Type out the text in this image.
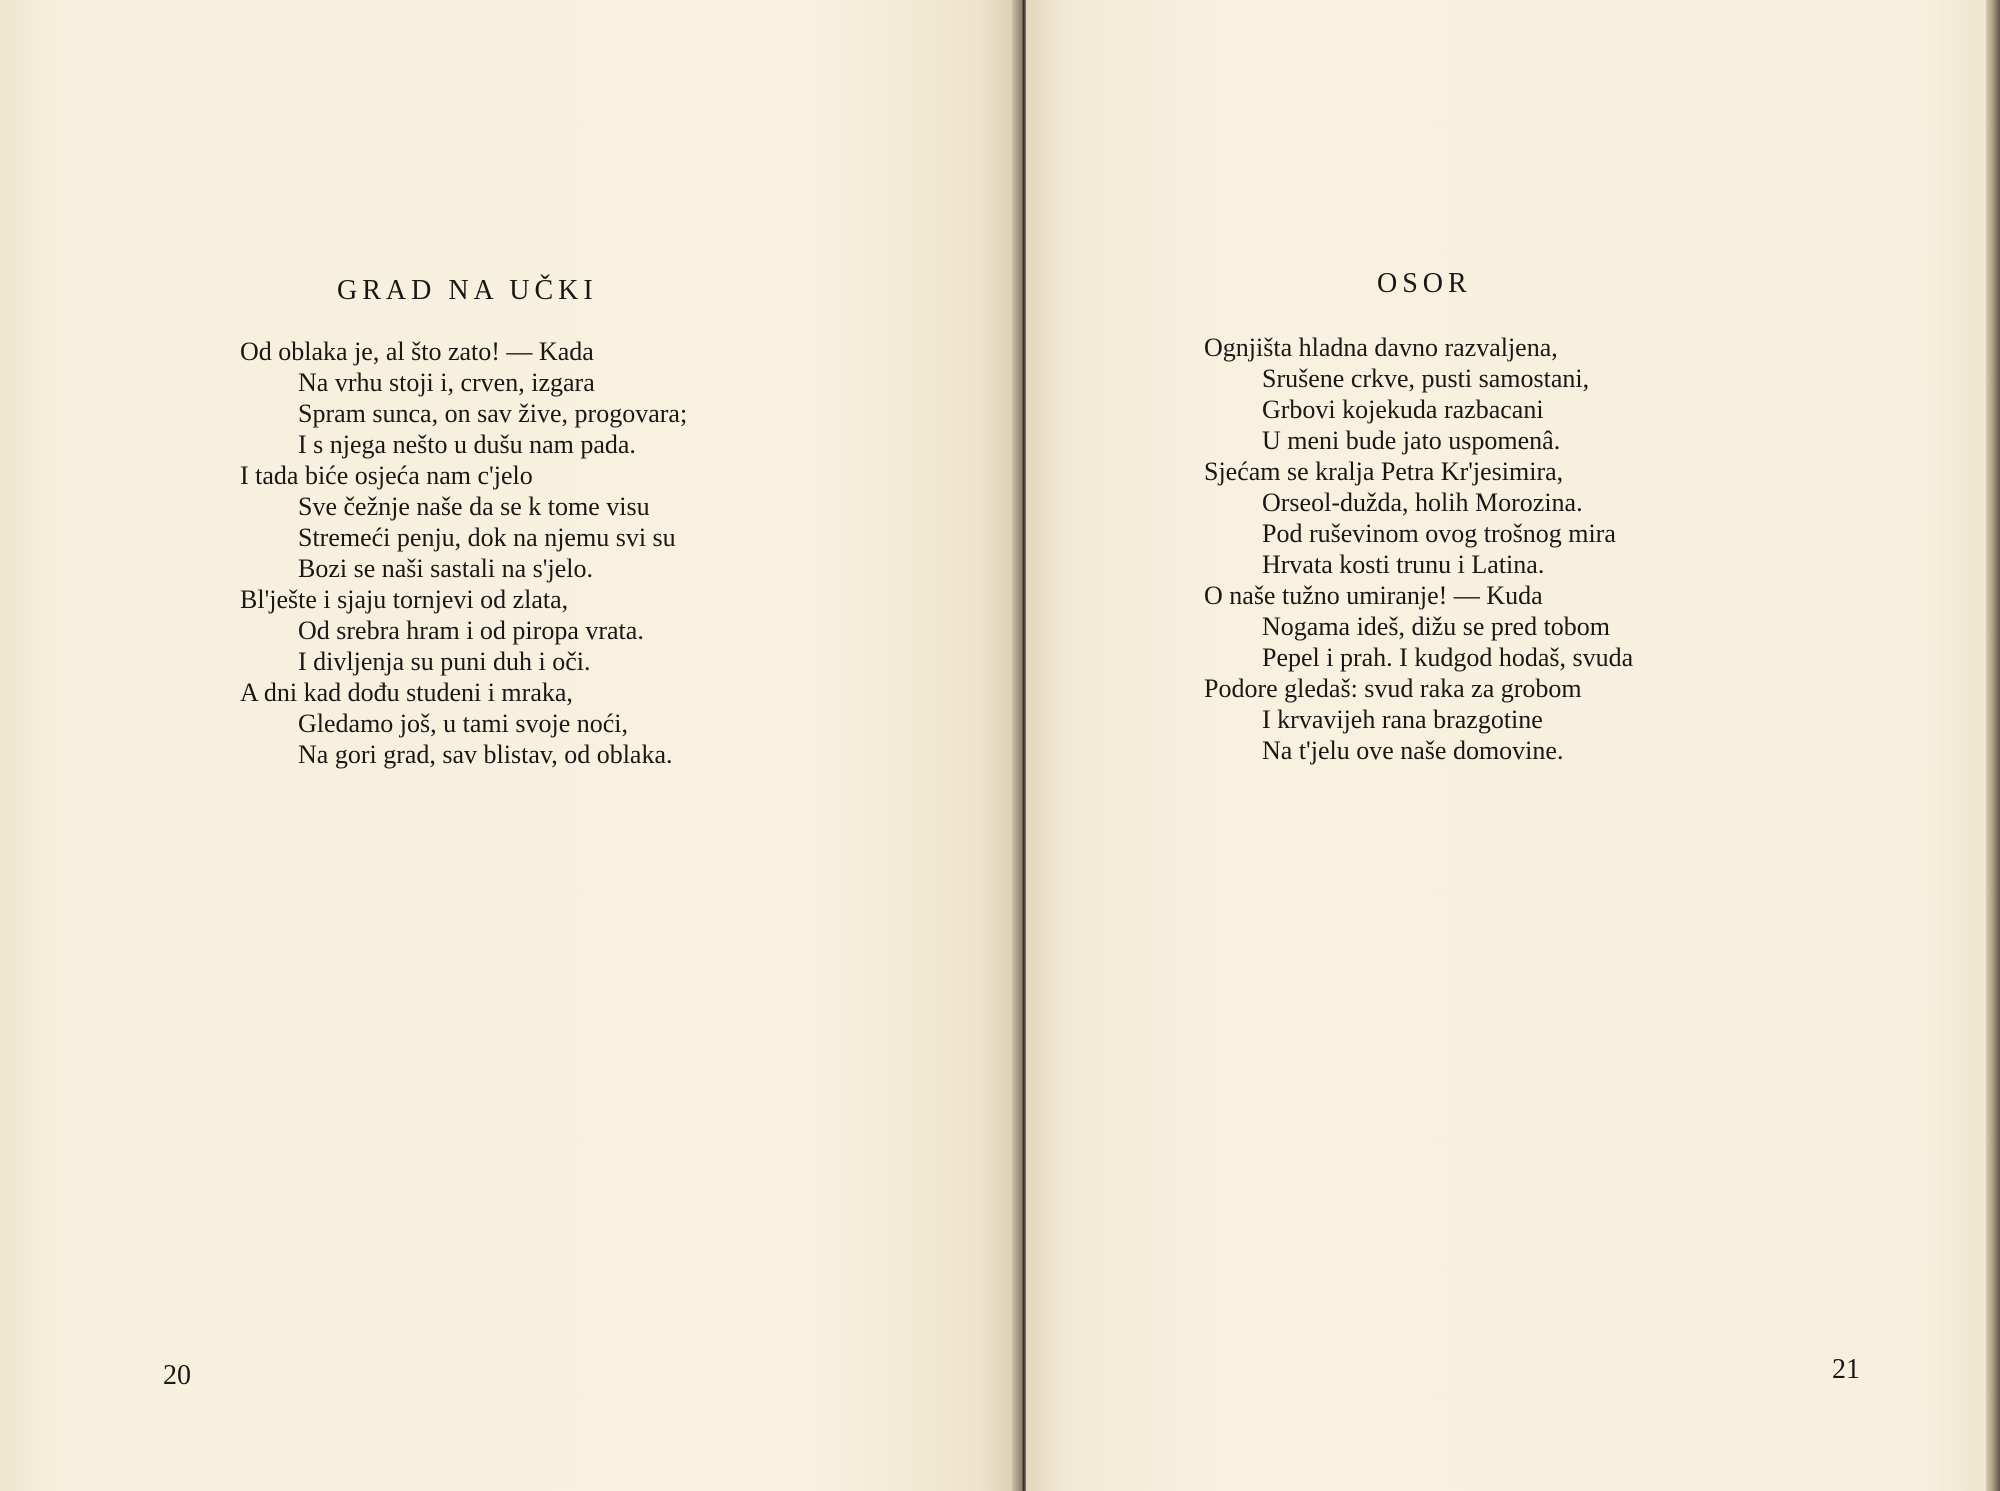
GRAD NA UČKI
Od oblaka je, al što zato! — Kada
Na vrhu stoji i, crven, izgara
Spram sunca, on sav žive, progovara;
I s njega nešto u dušu nam pada.
I tada biće osjeća nam c'jelo
Sve čežnje naše da se k tome visu
Stremeći penju, dok na njemu svi su
Bozi se naši sastali na s'jelo.
Bl'ješte i sjaju tornjevi od zlata,
Od srebra hram i od piropa vrata.
I divljenja su puni duh i oči.
A dni kad dođu studeni i mraka,
Gledamo još, u tami svoje noći,
Na gori grad, sav blistav, od oblaka.
20
OSOR
Ognjišta hladna davno razvaljena,
Srušene crkve, pusti samostani,
Grbovi kojekuda razbacani
U meni bude jato uspomenâ.
Sjećam se kralja Petra Kr'jesimira,
Orseol-dužda, holih Morozina.
Pod ruševinom ovog trošnog mira
Hrvata kosti trunu i Latina.
O naše tužno umiranje! — Kuda
Nogama ideš, dižu se pred tobom
Pepel i prah. I kudgod hodaš, svuda
Podore gledaš: svud raka za grobom
I krvavijeh rana brazgotine
Na t'jelu ove naše domovine.
21
